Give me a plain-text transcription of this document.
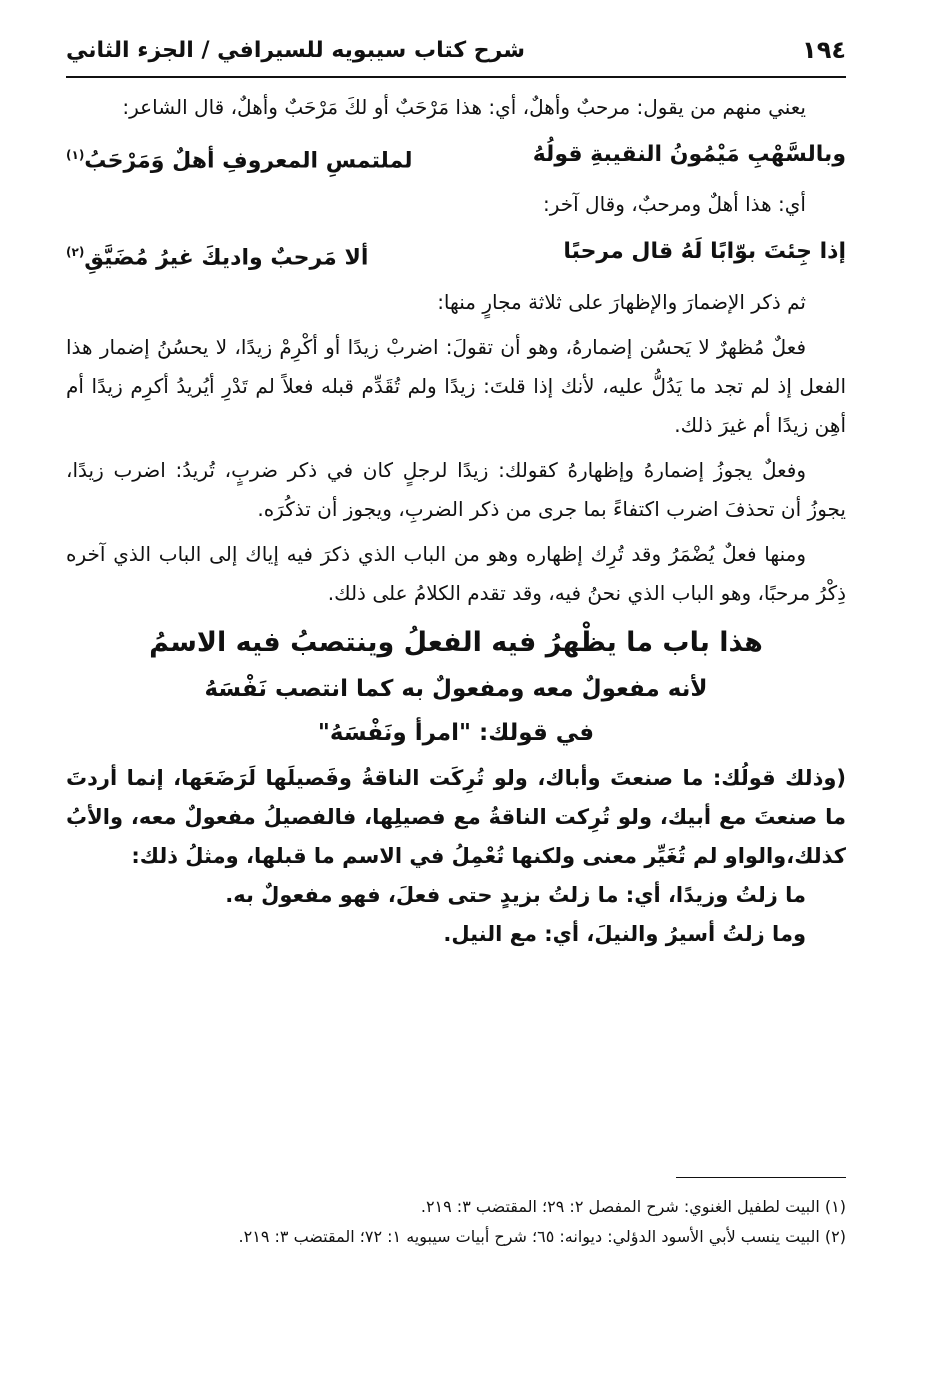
١٩٤
شرح كتاب سيبويه للسيرافي / الجزء الثاني

يعني منهم من يقول: مرحبٌ وأهلٌ، أي: هذا مَرْحَبٌ أو لكَ مَرْحَبٌ وأهلٌ، قال الشاعر:

وبالسَّهْبِ مَيْمُونُ النقيبةِ قولُهُ
لملتمسِ المعروفِ أهلٌ وَمَرْحَبُ$^{(١)}$

أي: هذا أهلٌ ومرحبٌ، وقال آخر:

إذا جِئتَ بوّابًا لَهُ قال مرحبًا
ألا مَرحبٌ واديكَ غيرُ مُضَيَّقِ$^{(٢)}$

ثم ذكر الإضمارَ والإظهارَ على ثلاثة مجارٍ منها:

فعلٌ مُظهرٌ لا يَحسُن إضمارهُ، وهو أن تقولَ: اضربْ زيدًا أو أكْرِمْ زيدًا، لا يحسُنُ إضمار هذا الفعل إذ لم تجد ما يَدُلُّ عليه، لأنك إذا قلتَ: زيدًا ولم تُقَدِّم قبله فعلاً لم تَدْرِ أيُريدُ أكرِم زيدًا أم أهِن زيدًا أم غيرَ ذلك.

وفعلٌ يجوزُ إضمارهُ وإظهارهُ كقولك: زيدًا لرجلٍ كان في ذكر ضربٍ، تُريدُ: اضرب زيدًا، يجوزُ أن تحذفَ اضرب اكتفاءً بما جرى من ذكر الضربِ، ويجوز أن تذكُرَه.

ومنها فعلٌ يُضْمَرُ وقد تُرِك إظهاره وهو من الباب الذي ذكرَ فيه إياك إلى الباب الذي آخره ذِكْرُ مرحبًا، وهو الباب الذي نحنُ فيه، وقد تقدم الكلامُ على ذلك.

هذا باب ما يظْهرُ فيه الفعلُ وينتصبُ فيه الاسمُ
لأنه مفعولٌ معه ومفعولٌ به كما انتصب نَفْسَهُ
في قولك: "امرأ ونَفْسَهُ"

(وذلك قولُك: ما صنعتَ وأباك، ولو تُرِكَت الناقةُ وفَصيلَها لَرَضَعَها، إنما أردتَ ما صنعتَ مع أبيك، ولو تُرِكت الناقةُ مع فصيلِها، فالفصيلُ مفعولٌ معه، والأبُ كذلك،والواو لم تُغَيِّر معنى ولكنها تُعْمِلُ في الاسم ما قبلها، ومثلُ ذلك:

ما زلتُ وزيدًا، أي: ما زلتُ بزيدٍ حتى فعلَ، فهو مفعولٌ به.

وما زلتُ أسيرُ والنيلَ، أي: مع النيل.

(١) البيت لطفيل الغنوي: شرح المفصل ٢: ٢٩؛ المقتضب ٣: ٢١٩.

(٢) البيت ينسب لأبي الأسود الدؤلي: ديوانه: ٦٥؛ شرح أبيات سيبويه ١: ٧٢؛ المقتضب ٣: ٢١٩.
